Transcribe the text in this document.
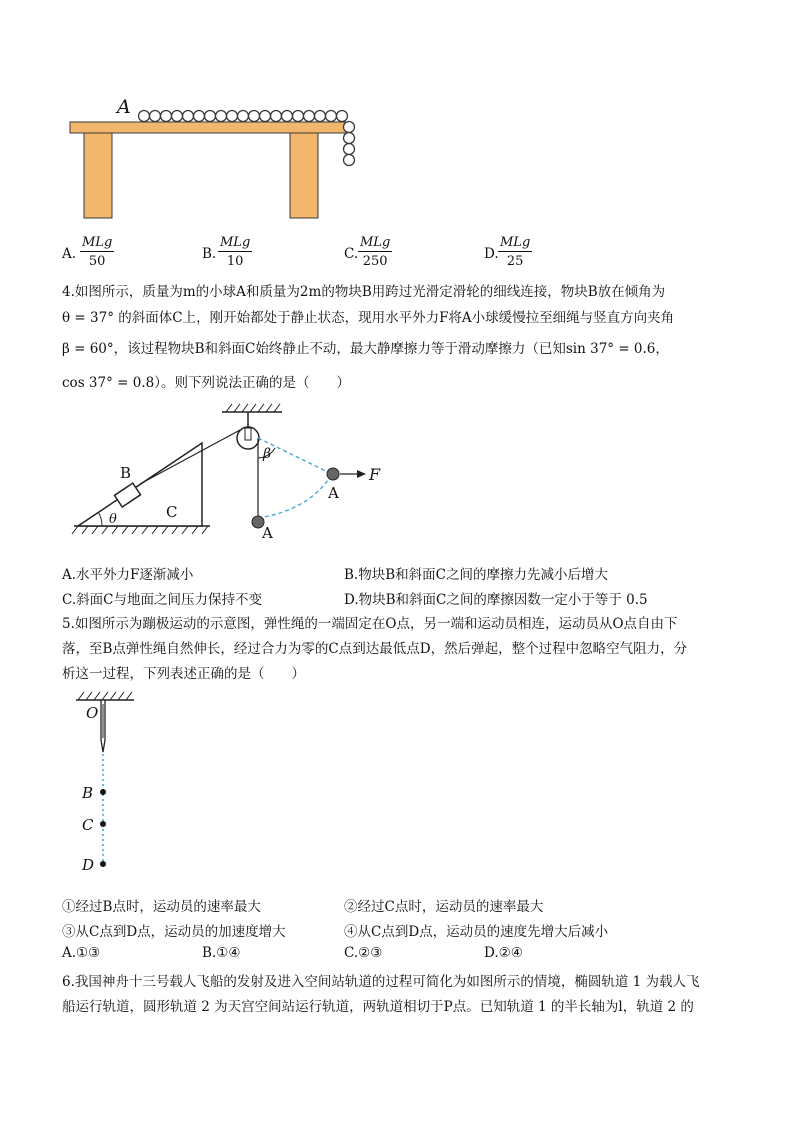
A
A.
MLg
50	B.
MLg
10	C.
MLg
250	D.
MLg
25
4.如图所示，质量为m的小球A和质量为2m的物块B用跨过光滑定滑轮的细线连接，物块B放在倾角为
θ = 37° 的斜面体C上，刚开始都处于静止状态，现用水平外力F将A小球缓慢拉至细绳与竖直方向夹角
β = 60°，该过程物块B和斜面C始终静止不动，最大静摩擦力等于滑动摩擦力（已知sin 37° = 0.6，
cos 37° = 0.8）。则下列说法正确的是（　　）
B
C
θ
β
A
A
F
A.水平外力F逐渐减小	B.物块B和斜面C之间的摩擦力先减小后增大
C.斜面C与地面之间压力保持不变	D.物块B和斜面C之间的摩擦因数一定小于等于 0.5
5.如图所示为蹦极运动的示意图，弹性绳的一端固定在O点，另一端和运动员相连，运动员从O点自由下
落，至B点弹性绳自然伸长，经过合力为零的C点到达最低点D，然后弹起，整个过程中忽略空气阻力，分
析这一过程，下列表述正确的是（　　）
O
B
C
D
①经过B点时，运动员的速率最大	②经过C点时，运动员的速率最大
③从C点到D点，运动员的加速度增大	④从C点到D点，运动员的速度先增大后减小
A.①③	B.①④	C.②③	D.②④
6.我国神舟十三号载人飞船的发射及进入空间站轨道的过程可简化为如图所示的情境，椭圆轨道 1 为载人飞
船运行轨道，圆形轨道 2 为天宫空间站运行轨道，两轨道相切于P点。已知轨道 1 的半长轴为l，轨道 2 的
